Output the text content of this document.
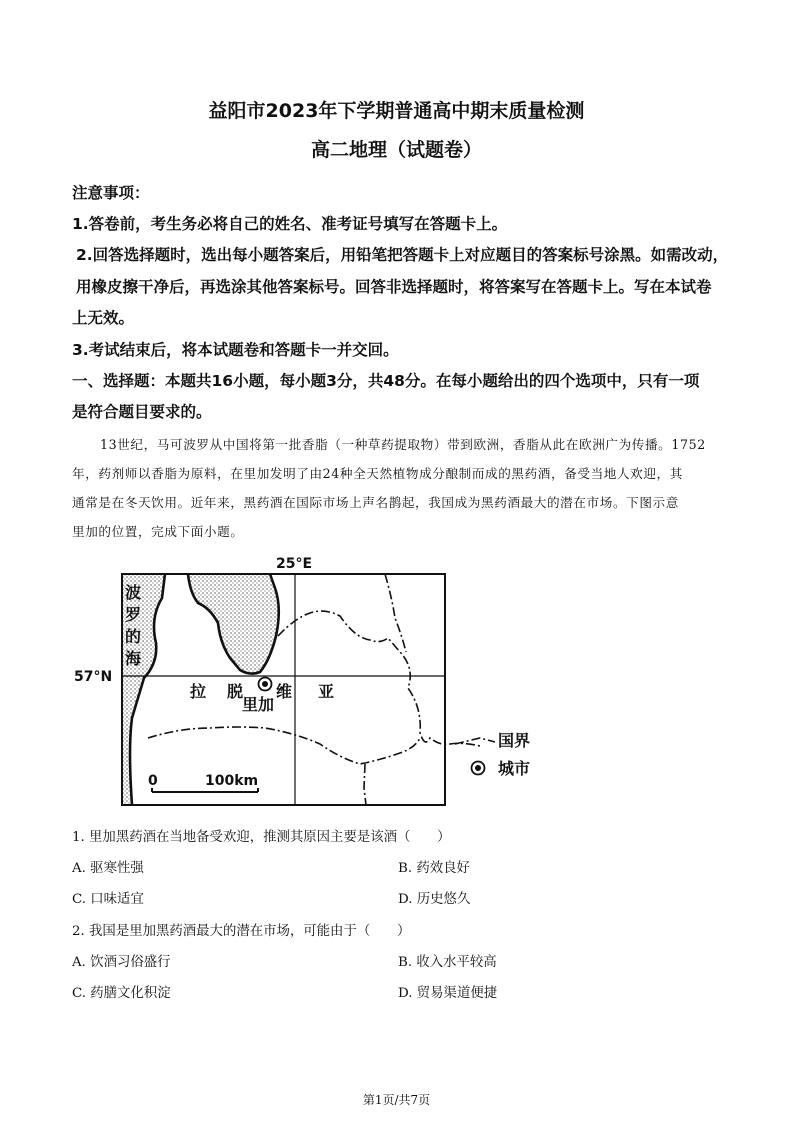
益阳市2023年下学期普通高中期末质量检测
高二地理（试题卷）
注意事项：
1.答卷前，考生务必将自己的姓名、准考证号填写在答题卡上。
2.回答选择题时，选出每小题答案后，用铅笔把答题卡上对应题目的答案标号涂黑。如需改动，
用橡皮擦干净后，再选涂其他答案标号。回答非选择题时，将答案写在答题卡上。写在本试卷
上无效。
3.考试结束后，将本试题卷和答题卡一并交回。
一、选择题：本题共16小题，每小题3分，共48分。在每小题给出的四个选项中，只有一项
是符合题目要求的。
13世纪，马可波罗从中国将第一批香脂（一种草药提取物）带到欧洲，香脂从此在欧洲广为传播。1752
年，药剂师以香脂为原料，在里加发明了由24种全天然植物成分酿制而成的黑药酒，备受当地人欢迎，其
通常是在冬天饮用。近年来，黑药酒在国际市场上声名鹊起，我国成为黑药酒最大的潜在市场。下图示意
里加的位置，完成下面小题。
25°E
57°N
波
罗
的
海
拉 脱 维 亚
里加
0	100km
国界
城市
1. 里加黑药酒在当地备受欢迎，推测其原因主要是该酒（　　）
A. 驱寒性强	B. 药效良好
C. 口味适宜	D. 历史悠久
2. 我国是里加黑药酒最大的潜在市场，可能由于（　　）
A. 饮酒习俗盛行	B. 收入水平较高
C. 药膳文化积淀	D. 贸易渠道便捷
第1页/共7页
